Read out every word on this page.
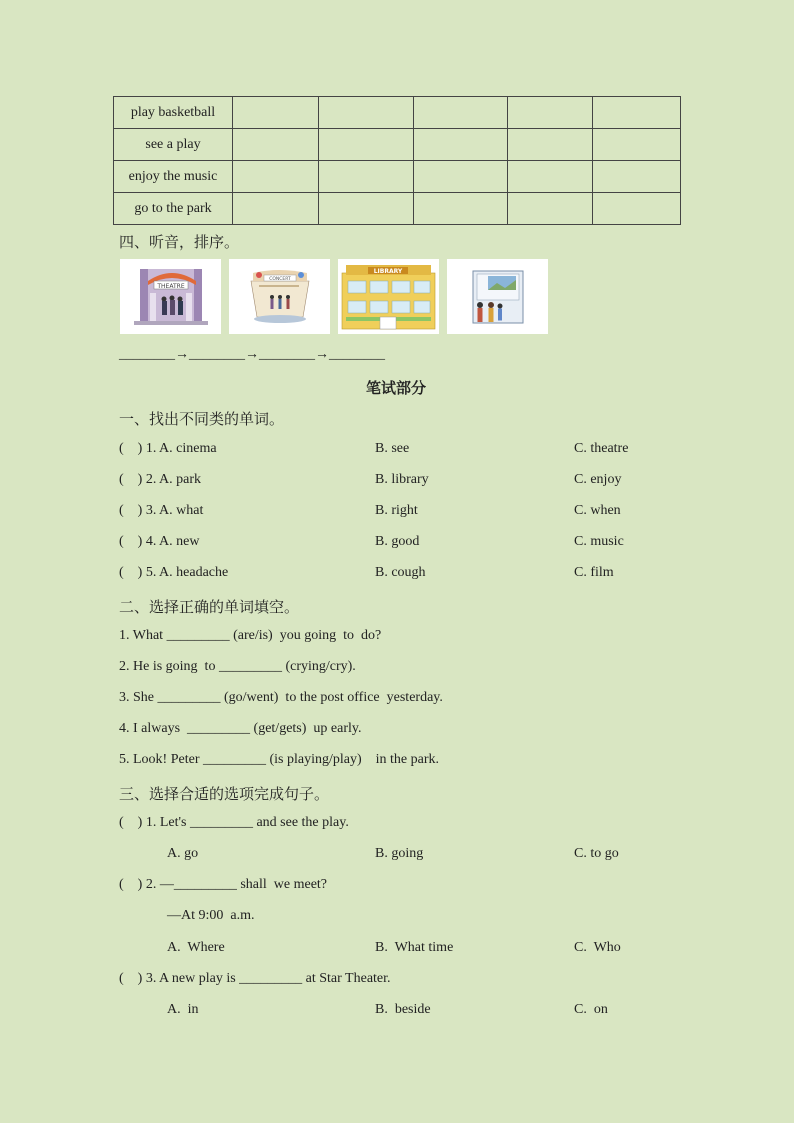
play basketball					
see a play					
enjoy the music					
go to the park					
四、听音，排序。
THEATRE
CONCERT
LIBRARY
________→________→________→________
笔试部分
一、找出不同类的单词。
(    ) 1. A. cinema	B. see	C. theatre
(    ) 2. A. park	B. library	C. enjoy
(    ) 3. A. what	B. right	C. when
(    ) 4. A. new	B. good	C. music
(    ) 5. A. headache	B. cough	C. film
二、选择正确的单词填空。
1. What _________ (are/is)  you going  to  do?
2. He is going  to _________ (crying/cry).
3. She _________ (go/went)  to the post office  yesterday.
4. I always  _________ (get/gets)  up early.
5. Look! Peter _________ (is playing/play)    in the park.
三、选择合适的选项完成句子。
(    ) 1. Let's _________ and see the play.
A. go	B. going	C. to go
(    ) 2. —_________ shall  we meet?
—At 9:00  a.m.
A.  Where	B.  What time	C.  Who
(    ) 3. A new play is _________ at Star Theater.
A.  in	B.  beside	C.  on
